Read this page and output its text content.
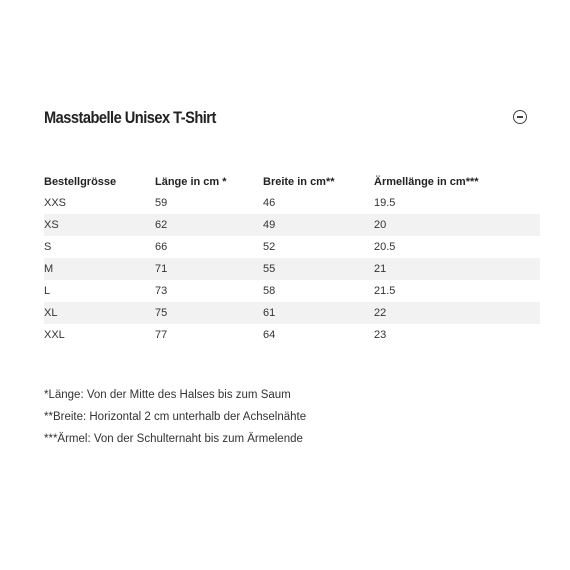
Masstabelle Unisex T-Shirt
Bestellgrösse	Länge in cm *	Breite in cm**	Ärmellänge in cm***
XXS	59	46	19.5
XS	62	49	20
S	66	52	20.5
M	71	55	21
L	73	58	21.5
XL	75	61	22
XXL	77	64	23
*Länge: Von der Mitte des Halses bis zum Saum
**Breite: Horizontal 2 cm unterhalb der Achselnähte
***Ärmel: Von der Schulternaht bis zum Ärmelende
